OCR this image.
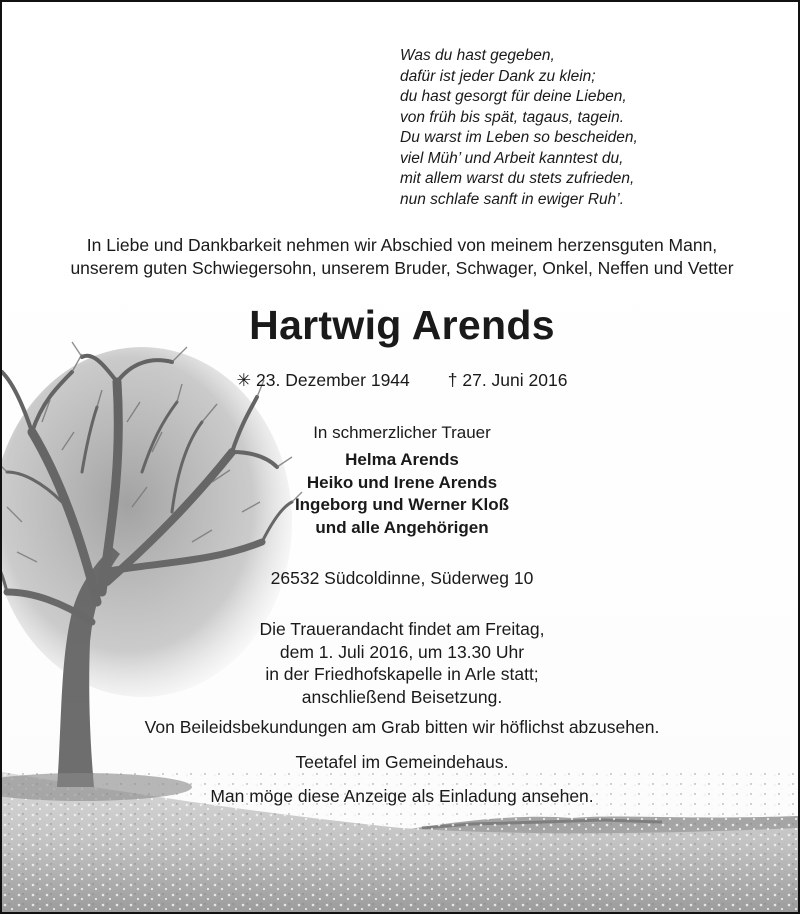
Was du hast gegeben,
dafür ist jeder Dank zu klein;
du hast gesorgt für deine Lieben,
von früh bis spät, tagaus, tagein.
Du warst im Leben so bescheiden,
viel Müh’ und Arbeit kanntest du,
mit allem warst du stets zufrieden,
nun schlafe sanft in ewiger Ruh’.
In Liebe und Dankbarkeit nehmen wir Abschied von meinem herzensguten Mann,
unserem guten Schwiegersohn, unserem Bruder, Schwager, Onkel, Neffen und Vetter
Hartwig Arends
✳ 23. Dezember 1944 † 27. Juni 2016
In schmerzlicher Trauer
Helma Arends
Heiko und Irene Arends
Ingeborg und Werner Kloß
und alle Angehörigen
26532 Südcoldinne, Süderweg 10
Die Trauerandacht findet am Freitag,
dem 1. Juli 2016, um 13.30 Uhr
in der Friedhofskapelle in Arle statt;
anschließend Beisetzung.
Von Beileidsbekundungen am Grab bitten wir höflichst abzusehen.
Teetafel im Gemeindehaus.
Man möge diese Anzeige als Einladung ansehen.
